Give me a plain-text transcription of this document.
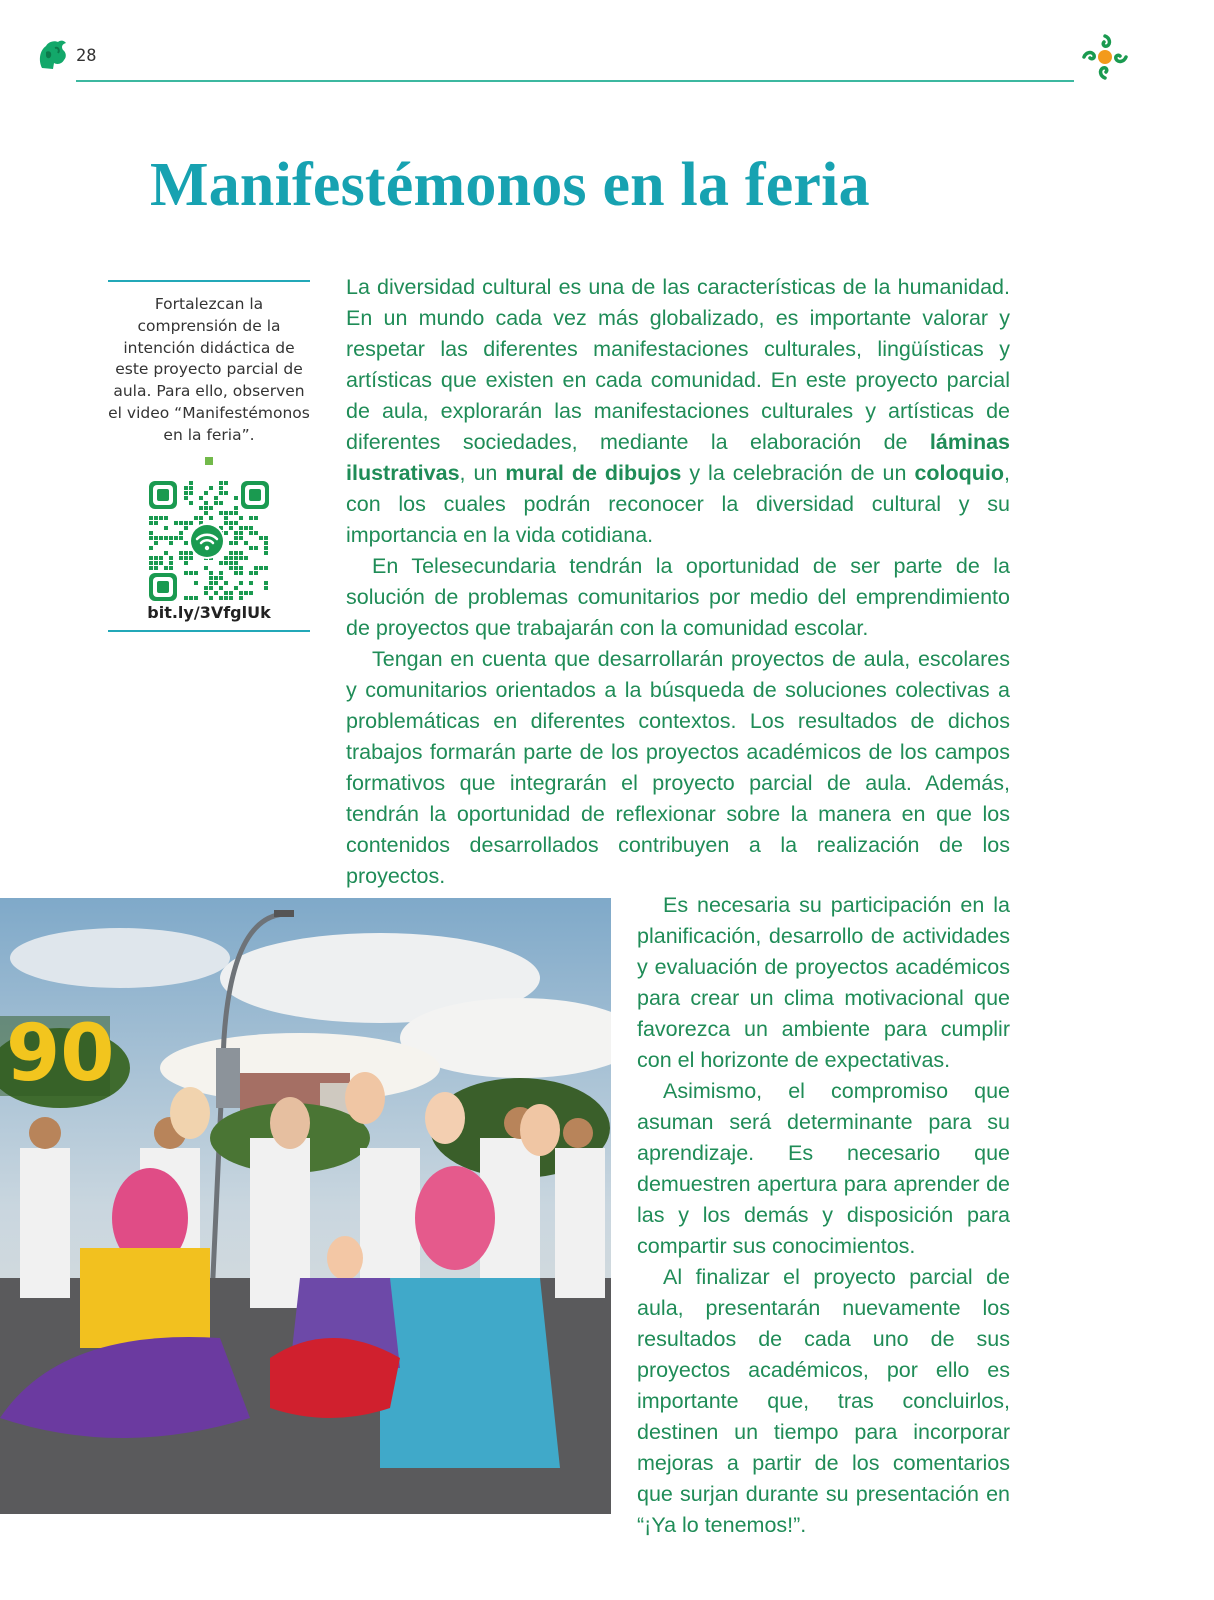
28
Manifestémonos en la feria

Fortalezcan la comprensión de la intención didáctica de este proyecto parcial de aula. Para ello, observen el video “Manifestémonos en la feria”.

bit.ly/3VfglUk

La diversidad cultural es una de las características de la humanidad. En un mundo cada vez más globalizado, es importante valorar y respetar las diferentes manifestaciones culturales, lingüísticas y artísticas que existen en cada comunidad. En este proyecto parcial de aula, explorarán las manifestaciones culturales y artísticas de diferentes sociedades, mediante la elaboración de láminas ilustrativas, un mural de dibujos y la celebración de un coloquio, con los cuales podrán reconocer la diversidad cultural y su importancia en la vida cotidiana.

En Telesecundaria tendrán la oportunidad de ser parte de la solución de problemas comunitarios por medio del emprendimiento de proyectos que trabajarán con la comunidad escolar.

Tengan en cuenta que desarrollarán proyectos de aula, escolares y comunitarios orientados a la búsqueda de soluciones colectivas a problemáticas en diferentes contextos. Los resultados de dichos trabajos formarán parte de los proyectos académicos de los campos formativos que integrarán el proyecto parcial de aula. Además, tendrán la oportunidad de reflexionar sobre la manera en que los contenidos desarrollados contribuyen a la realización de los proyectos.

90

Es necesaria su participación en la planificación, desarrollo de actividades y evaluación de proyectos académicos para crear un clima motivacional que favorezca un ambiente para cumplir con el horizonte de expectativas.

Asimismo, el compromiso que asuman será determinante para su aprendizaje. Es necesario que demuestren apertura para aprender de las y los demás y disposición para compartir sus conocimientos.

Al finalizar el proyecto parcial de aula, presentarán nuevamente los resultados de cada uno de sus proyectos académicos, por ello es importante que, tras concluirlos, destinen un tiempo para incorporar mejoras a partir de los comentarios que surjan durante su presentación en “¡Ya lo tenemos!”.
